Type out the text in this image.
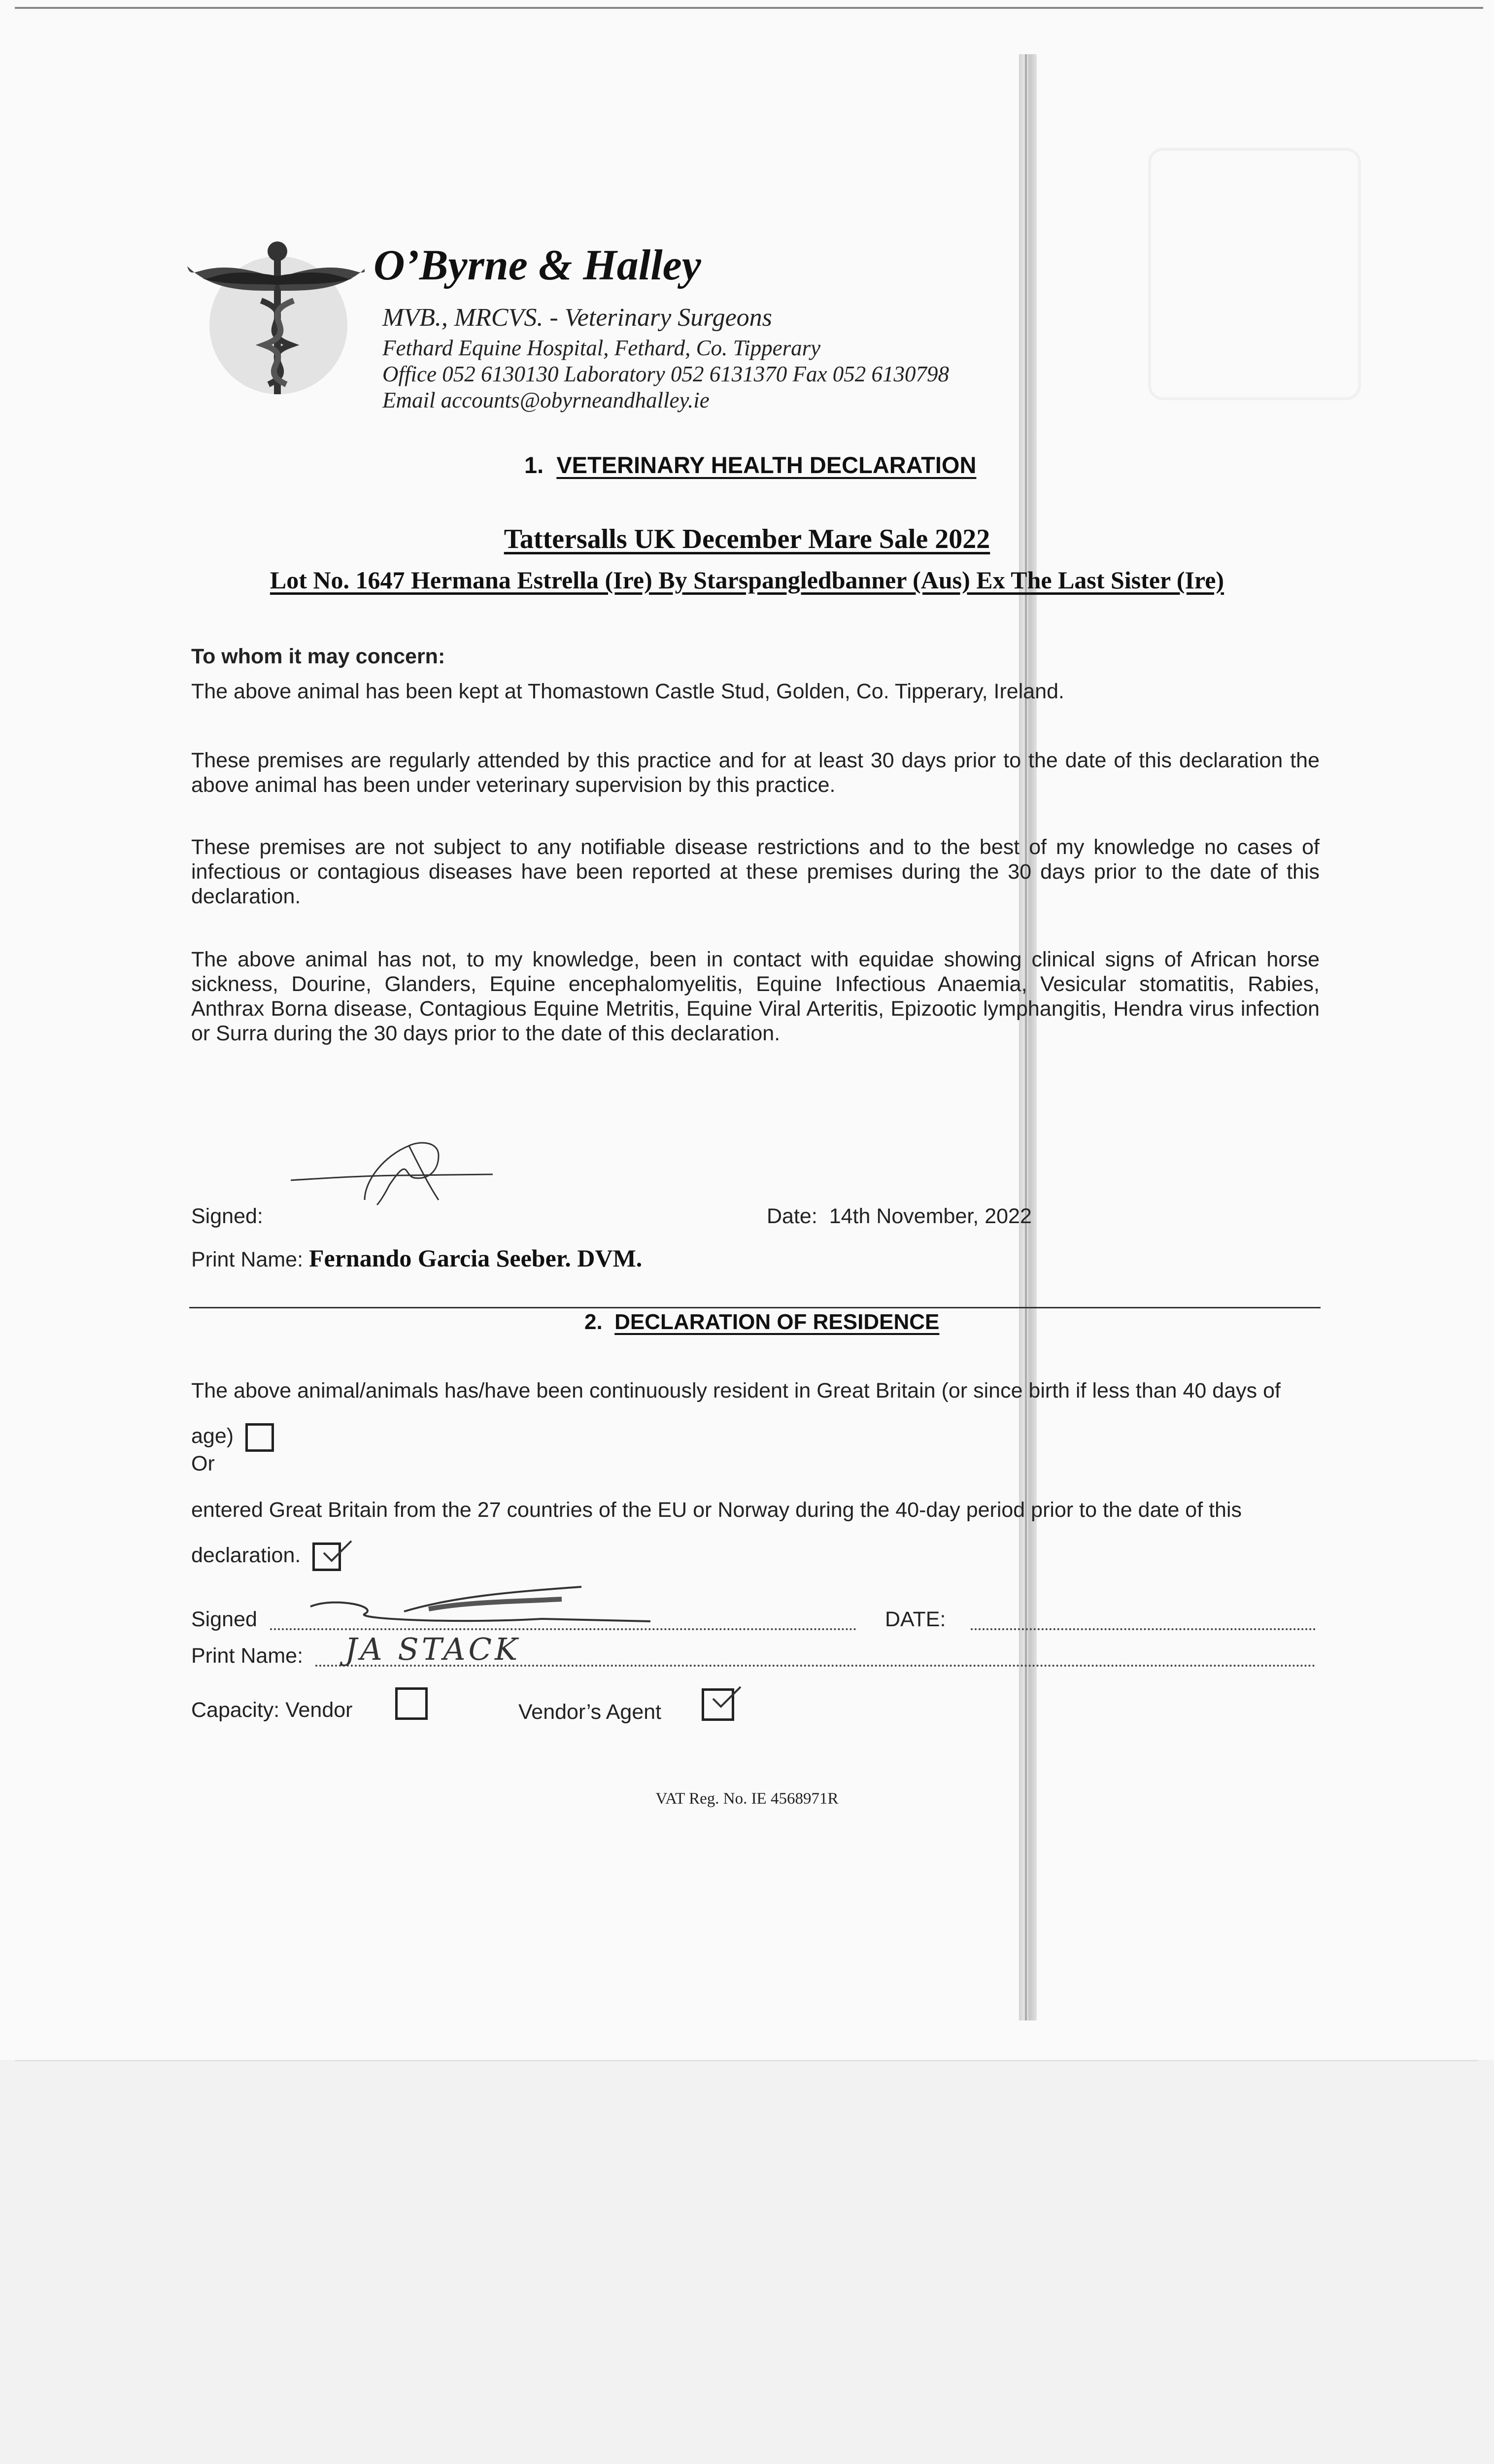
O’Byrne & Halley
MVB., MRCVS. - Veterinary Surgeons
Fethard Equine Hospital, Fethard, Co. Tipperary
Office 052 6130130 Laboratory 052 6131370 Fax 052 6130798
Email accounts@obyrneandhalley.ie
1. VETERINARY HEALTH DECLARATION
Tattersalls UK December Mare Sale 2022
Lot No. 1647 Hermana Estrella (Ire) By Starspangledbanner (Aus) Ex The Last Sister (Ire)
To whom it may concern:
The above animal has been kept at Thomastown Castle Stud, Golden, Co. Tipperary, Ireland.
These premises are regularly attended by this practice and for at least 30 days prior to the date of this declaration the above animal has been under veterinary supervision by this practice.
These premises are not subject to any notifiable disease restrictions and to the best of my knowledge no cases of infectious or contagious diseases have been reported at these premises during the 30 days prior to the date of this declaration.
The above animal has not, to my knowledge, been in contact with equidae showing clinical signs of African horse sickness, Dourine, Glanders, Equine encephalomyelitis, Equine Infectious Anaemia, Vesicular stomatitis, Rabies, Anthrax Borna disease, Contagious Equine Metritis, Equine Viral Arteritis, Epizootic lymphangitis, Hendra virus infection or Surra during the 30 days prior to the date of this declaration.
Signed:	Date: 14th November, 2022
Print Name: Fernando Garcia Seeber. DVM.
2. DECLARATION OF RESIDENCE
The above animal/animals has/have been continuously resident in Great Britain (or since birth if less than 40 days of age)
Or
entered Great Britain from the 27 countries of the EU or Norway during the 40-day period prior to the date of this declaration.
Signed	DATE:
Print Name: JA STACK
Capacity: Vendor	Vendor’s Agent
VAT Reg. No. IE 4568971R
